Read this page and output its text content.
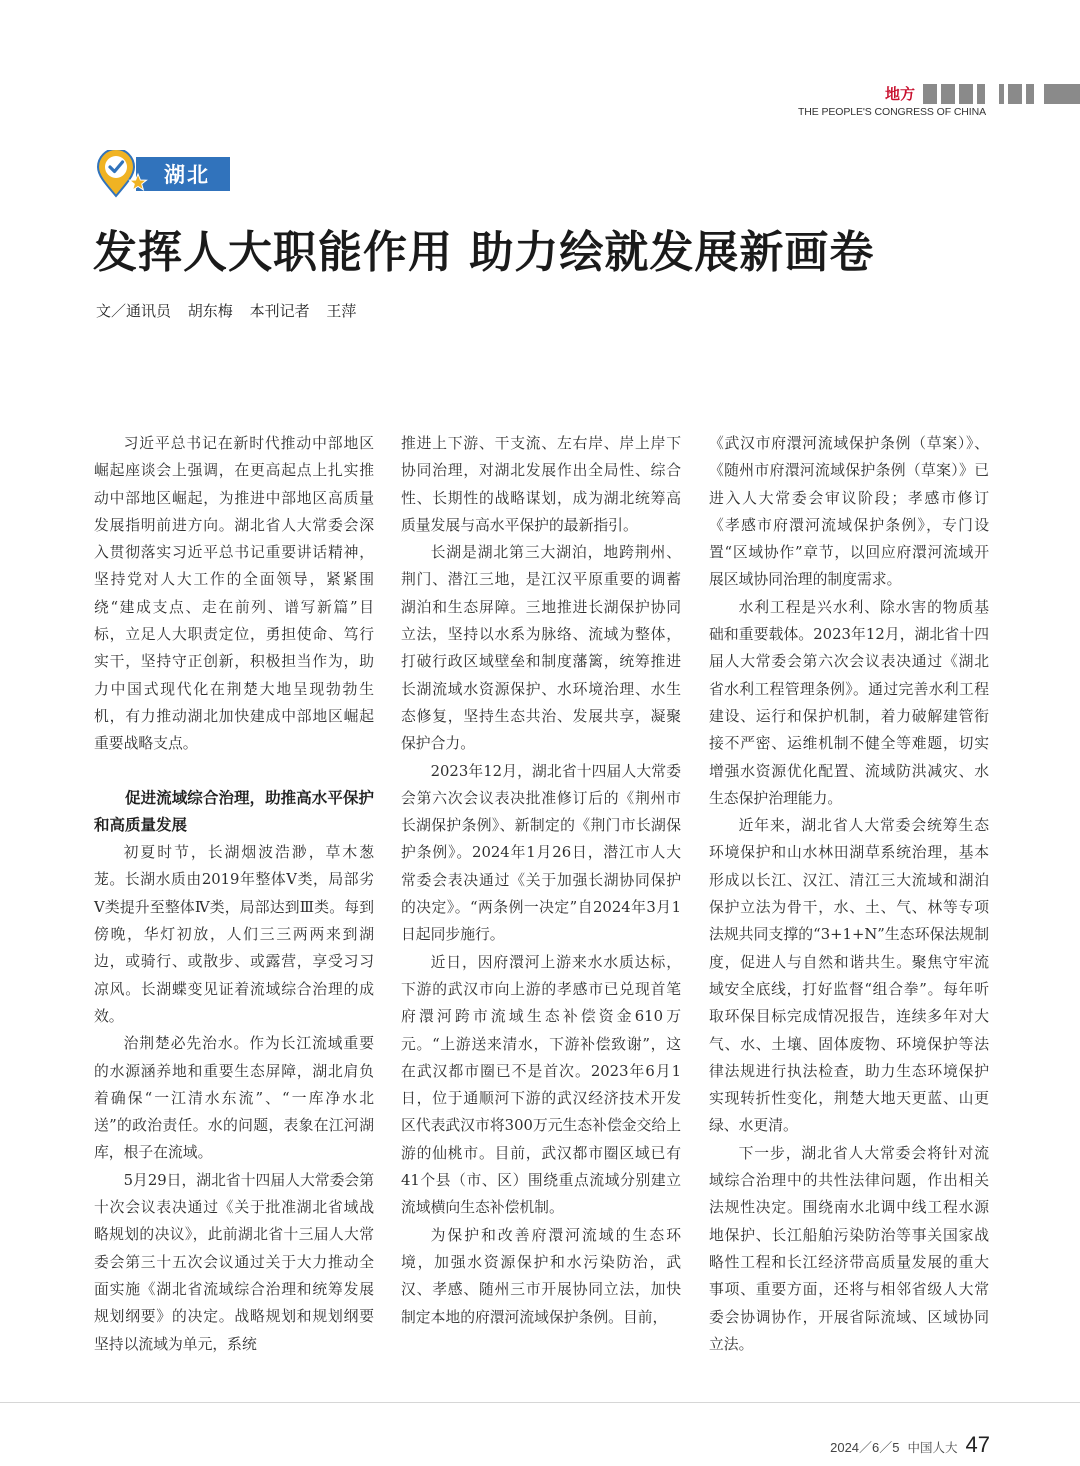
地方
THE PEOPLE'S CONGRESS OF CHINA
湖北
发挥人大职能作用 助力绘就发展新画卷
文／通讯员 胡东梅 本刊记者 王萍

习近平总书记在新时代推动中部地区崛起座谈会上强调，在更高起点上扎实推动中部地区崛起，为推进中部地区高质量发展指明前进方向。湖北省人大常委会深入贯彻落实习近平总书记重要讲话精神，坚持党对人大工作的全面领导，紧紧围绕“建成支点、走在前列、谱写新篇”目标，立足人大职责定位，勇担使命、笃行实干，坚持守正创新，积极担当作为，助力中国式现代化在荆楚大地呈现勃勃生机，有力推动湖北加快建成中部地区崛起重要战略支点。

促进流域综合治理，助推高水平保护和高质量发展

初夏时节，长湖烟波浩渺，草木葱茏。长湖水质由2019年整体Ⅴ类，局部劣Ⅴ类提升至整体Ⅳ类，局部达到Ⅲ类。每到傍晚，华灯初放，人们三三两两来到湖边，或骑行、或散步、或露营，享受习习凉风。长湖蝶变见证着流域综合治理的成效。

治荆楚必先治水。作为长江流域重要的水源涵养地和重要生态屏障，湖北肩负着确保“一江清水东流”、“一库净水北送”的政治责任。水的问题，表象在江河湖库，根子在流域。

5月29日，湖北省十四届人大常委会第十次会议表决通过《关于批准湖北省域战略规划的决议》，此前湖北省十三届人大常委会第三十五次会议通过关于大力推动全面实施《湖北省流域综合治理和统筹发展规划纲要》的决定。战略规划和规划纲要坚持以流域为单元，系统

推进上下游、干支流、左右岸、岸上岸下协同治理，对湖北发展作出全局性、综合性、长期性的战略谋划，成为湖北统筹高质量发展与高水平保护的最新指引。

长湖是湖北第三大湖泊，地跨荆州、荆门、潜江三地，是江汉平原重要的调蓄湖泊和生态屏障。三地推进长湖保护协同立法，坚持以水系为脉络、流域为整体，打破行政区域壁垒和制度藩篱，统筹推进长湖流域水资源保护、水环境治理、水生态修复，坚持生态共治、发展共享，凝聚保护合力。

2023年12月，湖北省十四届人大常委会第六次会议表决批准修订后的《荆州市长湖保护条例》、新制定的《荆门市长湖保护条例》。2024年1月26日，潜江市人大常委会表决通过《关于加强长湖协同保护的决定》。“两条例一决定”自2024年3月1日起同步施行。

近日，因府澴河上游来水水质达标，下游的武汉市向上游的孝感市已兑现首笔府澴河跨市流域生态补偿资金610万元。“上游送来清水，下游补偿致谢”，这在武汉都市圈已不是首次。2023年6月1日，位于通顺河下游的武汉经济技术开发区代表武汉市将300万元生态补偿金交给上游的仙桃市。目前，武汉都市圈区域已有41个县（市、区）围绕重点流域分别建立流域横向生态补偿机制。

为保护和改善府澴河流域的生态环境，加强水资源保护和水污染防治，武汉、孝感、随州三市开展协同立法，加快制定本地的府澴河流域保护条例。目前，

《武汉市府澴河流域保护条例（草案）》、《随州市府澴河流域保护条例（草案）》已进入人大常委会审议阶段；孝感市修订《孝感市府澴河流域保护条例》，专门设置“区域协作”章节，以回应府澴河流域开展区域协同治理的制度需求。

水利工程是兴水利、除水害的物质基础和重要载体。2023年12月，湖北省十四届人大常委会第六次会议表决通过《湖北省水利工程管理条例》。通过完善水利工程建设、运行和保护机制，着力破解建管衔接不严密、运维机制不健全等难题，切实增强水资源优化配置、流域防洪减灾、水生态保护治理能力。

近年来，湖北省人大常委会统筹生态环境保护和山水林田湖草系统治理，基本形成以长江、汉江、清江三大流域和湖泊保护立法为骨干，水、土、气、林等专项法规共同支撑的“3+1+N”生态环保法规制度，促进人与自然和谐共生。聚焦守牢流域安全底线，打好监督“组合拳”。每年听取环保目标完成情况报告，连续多年对大气、水、土壤、固体废物、环境保护等法律法规进行执法检查，助力生态环境保护实现转折性变化，荆楚大地天更蓝、山更绿、水更清。

下一步，湖北省人大常委会将针对流域综合治理中的共性法律问题，作出相关法规性决定。围绕南水北调中线工程水源地保护、长江船舶污染防治等事关国家战略性工程和长江经济带高质量发展的重大事项、重要方面，还将与相邻省级人大常委会协调协作，开展省际流域、区域协同立法。

2024／6／5 中国人大 47
